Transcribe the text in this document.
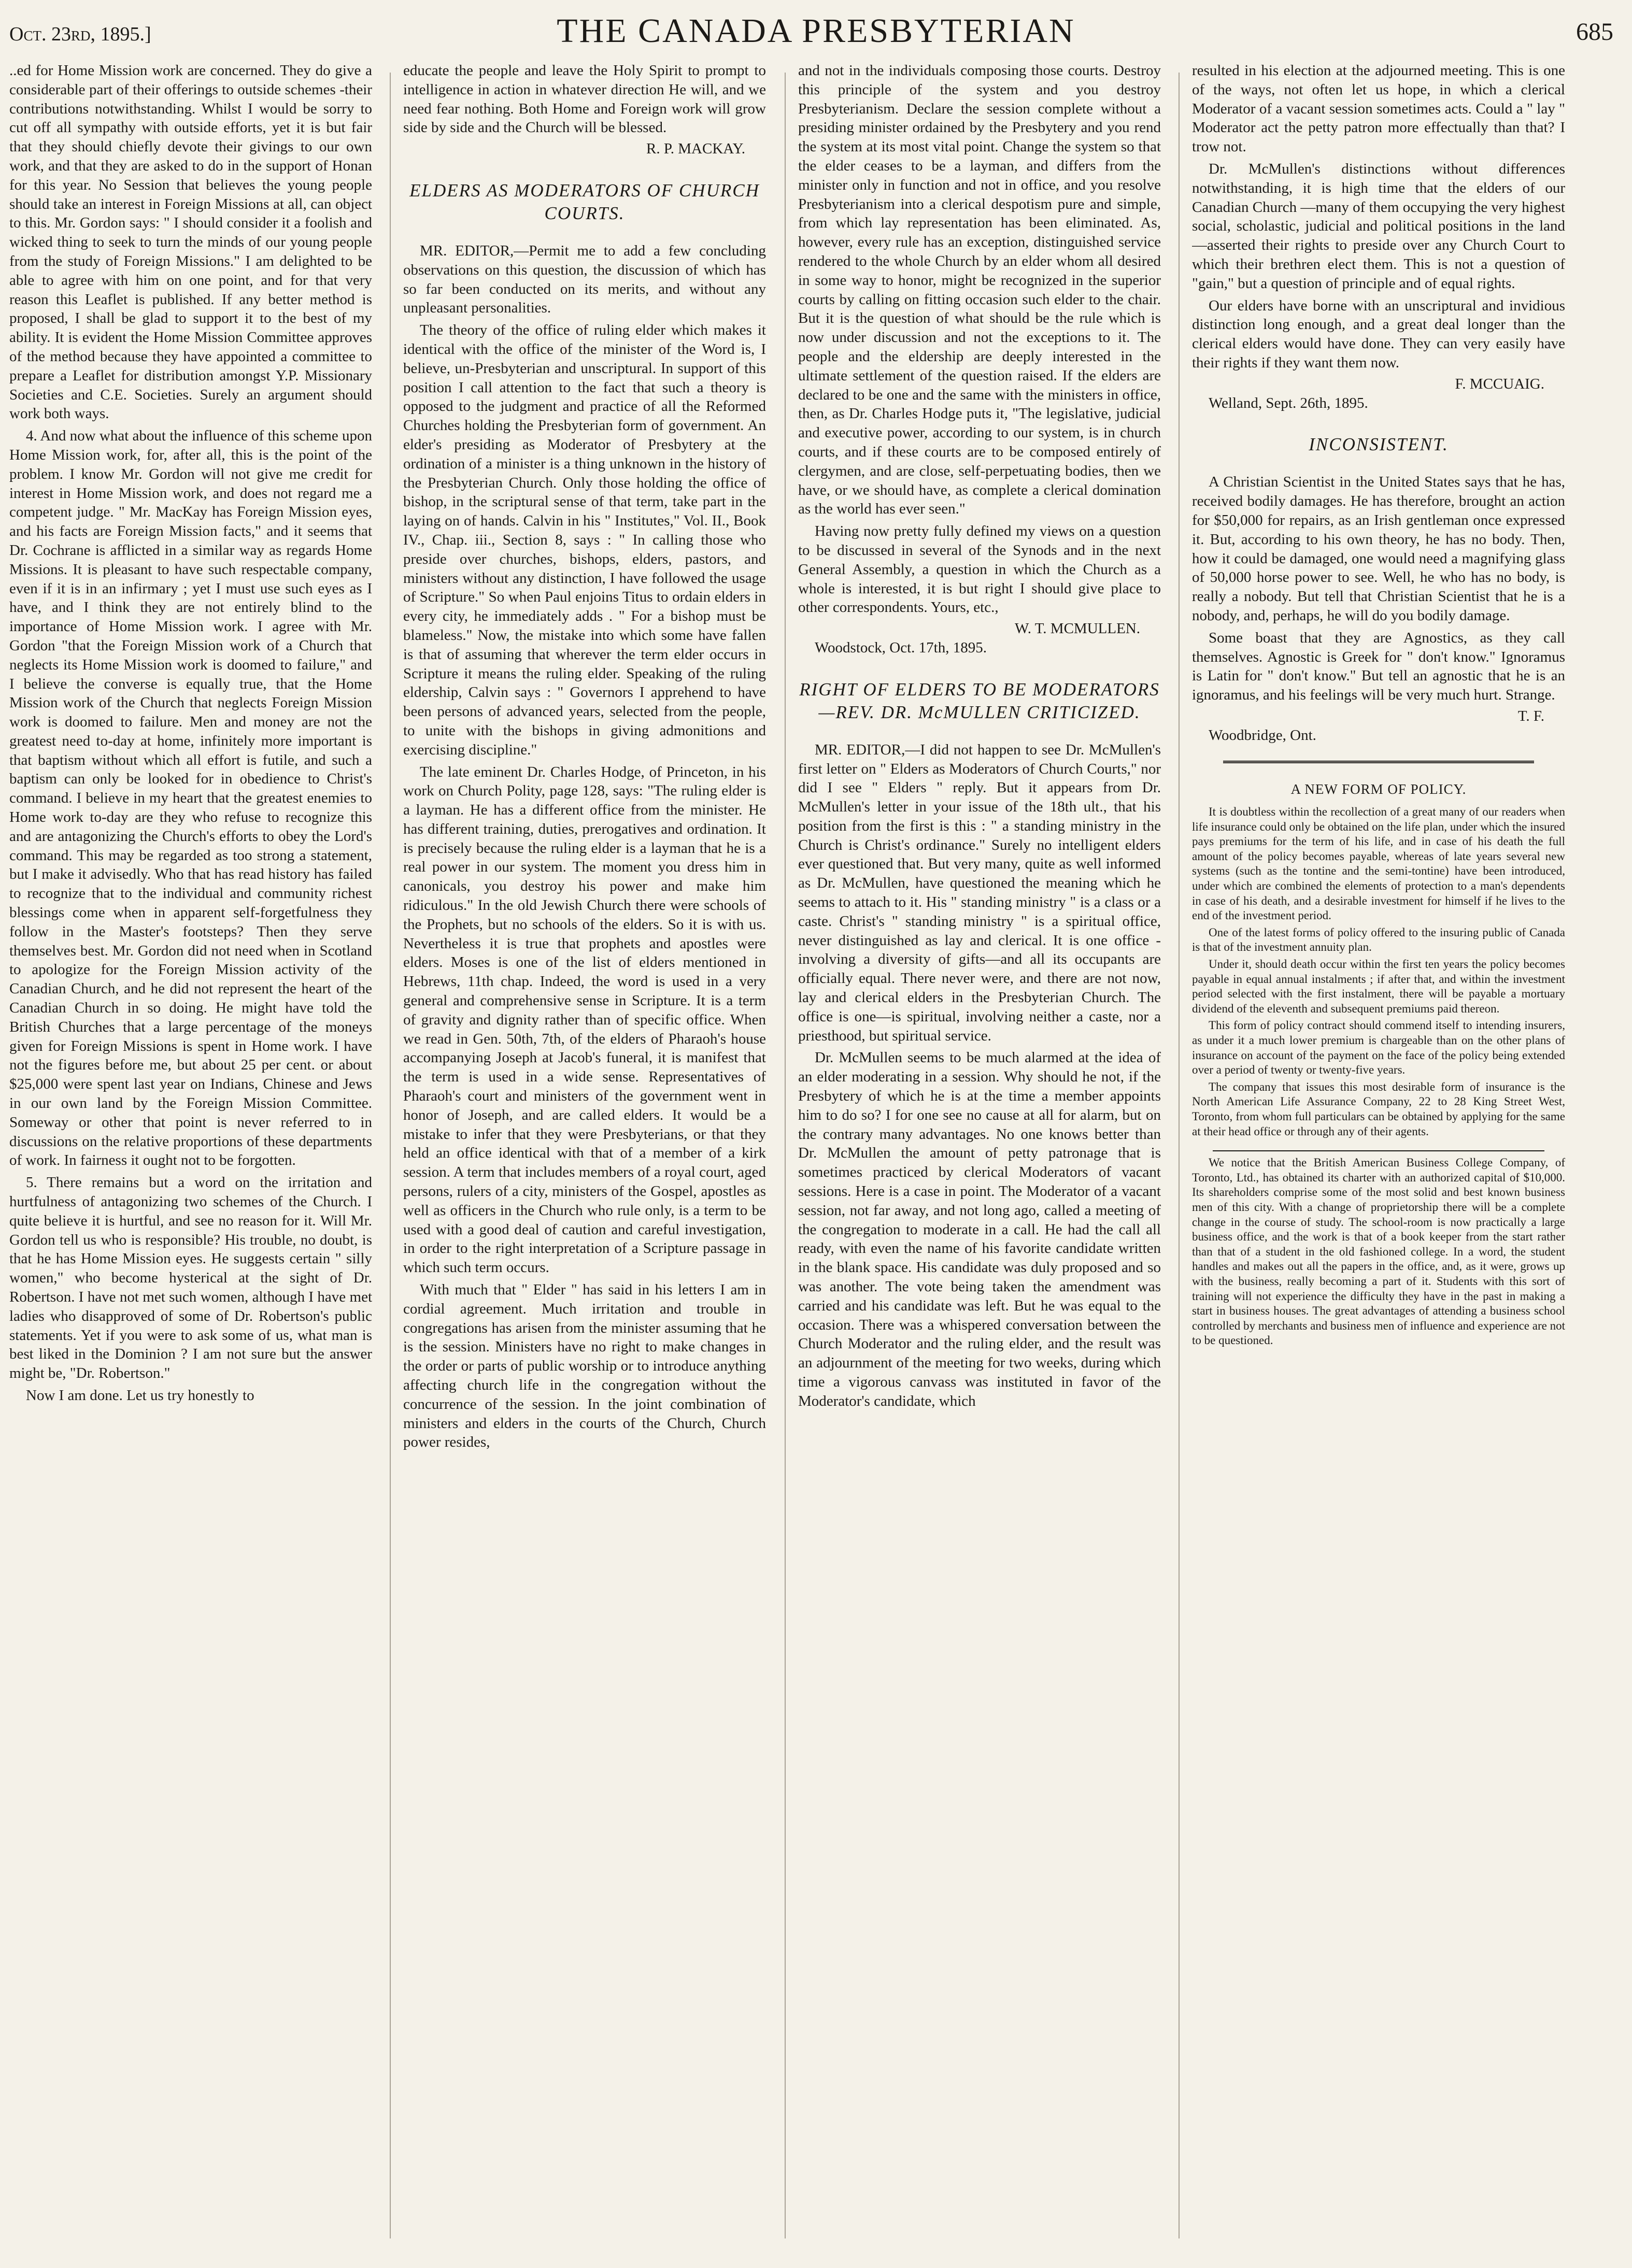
Oct. 23rd, 1895.]	THE CANADA PRESBYTERIAN	685

..ed for Home Mission work are concerned. They do give a considerable part of their offerings to outside schemes -their contributions notwithstanding. Whilst I would be sorry to cut off all sympathy with outside efforts, yet it is but fair that they should chiefly devote their givings to our own work, and that they are asked to do in the support of Honan for this year. No Session that believes the young people should take an interest in Foreign Missions at all, can object to this. Mr. Gordon says: " I should consider it a foolish and wicked thing to seek to turn the minds of our young people from the study of Foreign Missions." I am delighted to be able to agree with him on one point, and for that very reason this Leaflet is published. If any better method is proposed, I shall be glad to support it to the best of my ability. It is evident the Home Mission Committee approves of the method because they have appointed a committee to prepare a Leaflet for distribution amongst Y.P. Missionary Societies and C.E. Societies. Surely an argument should work both ways.

4. And now what about the influence of this scheme upon Home Mission work, for, after all, this is the point of the problem. I know Mr. Gordon will not give me credit for interest in Home Mission work, and does not regard me a competent judge. " Mr. MacKay has Foreign Mission eyes, and his facts are Foreign Mission facts," and it seems that Dr. Cochrane is afflicted in a similar way as regards Home Missions. It is pleasant to have such respectable company, even if it is in an infirmary ; yet I must use such eyes as I have, and I think they are not entirely blind to the importance of Home Mission work. I agree with Mr. Gordon "that the Foreign Mission work of a Church that neglects its Home Mission work is doomed to failure," and I believe the converse is equally true, that the Home Mission work of the Church that neglects Foreign Mission work is doomed to failure. Men and money are not the greatest need to-day at home, infinitely more important is that baptism without which all effort is futile, and such a baptism can only be looked for in obedience to Christ's command. I believe in my heart that the greatest enemies to Home work to-day are they who refuse to recognize this and are antagonizing the Church's efforts to obey the Lord's command. This may be regarded as too strong a statement, but I make it advisedly. Who that has read history has failed to recognize that to the individual and community richest blessings come when in apparent self-forgetfulness they follow in the Master's footsteps? Then they serve themselves best. Mr. Gordon did not need when in Scotland to apologize for the Foreign Mission activity of the Canadian Church, and he did not represent the heart of the Canadian Church in so doing. He might have told the British Churches that a large percentage of the moneys given for Foreign Missions is spent in Home work. I have not the figures before me, but about 25 per cent. or about $25,000 were spent last year on Indians, Chinese and Jews in our own land by the Foreign Mission Committee. Someway or other that point is never referred to in discussions on the relative proportions of these departments of work. In fairness it ought not to be forgotten.

5. There remains but a word on the irritation and hurtfulness of antagonizing two schemes of the Church. I quite believe it is hurtful, and see no reason for it. Will Mr. Gordon tell us who is responsible? His trouble, no doubt, is that he has Home Mission eyes. He suggests certain " silly women," who become hysterical at the sight of Dr. Robertson. I have not met such women, although I have met ladies who disapproved of some of Dr. Robertson's public statements. Yet if you were to ask some of us, what man is best liked in the Dominion ? I am not sure but the answer might be, "Dr. Robertson."

Now I am done. Let us try honestly to

educate the people and leave the Holy Spirit to prompt to intelligence in action in whatever direction He will, and we need fear nothing. Both Home and Foreign work will grow side by side and the Church will be blessed.

R. P. MACKAY.
ELDERS AS MODERATORS OF CHURCH COURTS.

MR. EDITOR,—Permit me to add a few concluding observations on this question, the discussion of which has so far been conducted on its merits, and without any unpleasant personalities.

The theory of the office of ruling elder which makes it identical with the office of the minister of the Word is, I believe, un-Presbyterian and unscriptural. In support of this position I call attention to the fact that such a theory is opposed to the judgment and practice of all the Reformed Churches holding the Presbyterian form of government. An elder's presiding as Moderator of Presbytery at the ordination of a minister is a thing unknown in the history of the Presbyterian Church. Only those holding the office of bishop, in the scriptural sense of that term, take part in the laying on of hands. Calvin in his " Institutes," Vol. II., Book IV., Chap. iii., Section 8, says : " In calling those who preside over churches, bishops, elders, pastors, and ministers without any distinction, I have followed the usage of Scripture." So when Paul enjoins Titus to ordain elders in every city, he immediately adds . " For a bishop must be blameless." Now, the mistake into which some have fallen is that of assuming that wherever the term elder occurs in Scripture it means the ruling elder. Speaking of the ruling eldership, Calvin says : " Governors I apprehend to have been persons of advanced years, selected from the people, to unite with the bishops in giving admonitions and exercising discipline."

The late eminent Dr. Charles Hodge, of Princeton, in his work on Church Polity, page 128, says: "The ruling elder is a layman. He has a different office from the minister. He has different training, duties, prerogatives and ordination. It is precisely because the ruling elder is a layman that he is a real power in our system. The moment you dress him in canonicals, you destroy his power and make him ridiculous." In the old Jewish Church there were schools of the Prophets, but no schools of the elders. So it is with us. Nevertheless it is true that prophets and apostles were elders. Moses is one of the list of elders mentioned in Hebrews, 11th chap. Indeed, the word is used in a very general and comprehensive sense in Scripture. It is a term of gravity and dignity rather than of specific office. When we read in Gen. 50th, 7th, of the elders of Pharaoh's house accompanying Joseph at Jacob's funeral, it is manifest that the term is used in a wide sense. Representatives of Pharaoh's court and ministers of the government went in honor of Joseph, and are called elders. It would be a mistake to infer that they were Presbyterians, or that they held an office identical with that of a member of a kirk session. A term that includes members of a royal court, aged persons, rulers of a city, ministers of the Gospel, apostles as well as officers in the Church who rule only, is a term to be used with a good deal of caution and careful investigation, in order to the right interpretation of a Scripture passage in which such term occurs.

With much that " Elder " has said in his letters I am in cordial agreement. Much irritation and trouble in congregations has arisen from the minister assuming that he is the session. Ministers have no right to make changes in the order or parts of public worship or to introduce anything affecting church life in the congregation without the concurrence of the session. In the joint combination of ministers and elders in the courts of the Church, Church power resides,

and not in the individuals composing those courts. Destroy this principle of the system and you destroy Presbyterianism. Declare the session complete without a presiding minister ordained by the Presbytery and you rend the system at its most vital point. Change the system so that the elder ceases to be a layman, and differs from the minister only in function and not in office, and you resolve Presbyterianism into a clerical despotism pure and simple, from which lay representation has been eliminated. As, however, every rule has an exception, distinguished service rendered to the whole Church by an elder whom all desired in some way to honor, might be recognized in the superior courts by calling on fitting occasion such elder to the chair. But it is the question of what should be the rule which is now under discussion and not the exceptions to it. The people and the eldership are deeply interested in the ultimate settlement of the question raised. If the elders are declared to be one and the same with the ministers in office, then, as Dr. Charles Hodge puts it, "The legislative, judicial and executive power, according to our system, is in church courts, and if these courts are to be composed entirely of clergymen, and are close, self-perpetuating bodies, then we have, or we should have, as complete a clerical domination as the world has ever seen."

Having now pretty fully defined my views on a question to be discussed in several of the Synods and in the next General Assembly, a question in which the Church as a whole is interested, it is but right I should give place to other correspondents. Yours, etc.,

W. T. MCMULLEN.

Woodstock, Oct. 17th, 1895.

RIGHT OF ELDERS TO BE MODERATORS—REV. DR. McMULLEN CRITICIZED.

MR. EDITOR,—I did not happen to see Dr. McMullen's first letter on " Elders as Moderators of Church Courts," nor did I see " Elders " reply. But it appears from Dr. McMullen's letter in your issue of the 18th ult., that his position from the first is this : " a standing ministry in the Church is Christ's ordinance." Surely no intelligent elders ever questioned that. But very many, quite as well informed as Dr. McMullen, have questioned the meaning which he seems to attach to it. His " standing ministry " is a class or a caste. Christ's " standing ministry " is a spiritual office, never distinguished as lay and clerical. It is one office - involving a diversity of gifts—and all its occupants are officially equal. There never were, and there are not now, lay and clerical elders in the Presbyterian Church. The office is one—is spiritual, involving neither a caste, nor a priesthood, but spiritual service.

Dr. McMullen seems to be much alarmed at the idea of an elder moderating in a session. Why should he not, if the Presbytery of which he is at the time a member appoints him to do so? I for one see no cause at all for alarm, but on the contrary many advantages. No one knows better than Dr. McMullen the amount of petty patronage that is sometimes practiced by clerical Moderators of vacant sessions. Here is a case in point. The Moderator of a vacant session, not far away, and not long ago, called a meeting of the congregation to moderate in a call. He had the call all ready, with even the name of his favorite candidate written in the blank space. His candidate was duly proposed and so was another. The vote being taken the amendment was carried and his candidate was left. But he was equal to the occasion. There was a whispered conversation between the Church Moderator and the ruling elder, and the result was an adjournment of the meeting for two weeks, during which time a vigorous canvass was instituted in favor of the Moderator's candidate, which

resulted in his election at the adjourned meeting. This is one of the ways, not often let us hope, in which a clerical Moderator of a vacant session sometimes acts. Could a " lay " Moderator act the petty patron more effectually than that? I trow not.

Dr. McMullen's distinctions without differences notwithstanding, it is high time that the elders of our Canadian Church —many of them occupying the very highest social, scholastic, judicial and political positions in the land—asserted their rights to preside over any Church Court to which their brethren elect them. This is not a question of "gain," but a question of principle and of equal rights.

Our elders have borne with an unscriptural and invidious distinction long enough, and a great deal longer than the clerical elders would have done. They can very easily have their rights if they want them now.

F. MCCUAIG.

Welland, Sept. 26th, 1895.

INCONSISTENT.

A Christian Scientist in the United States says that he has, received bodily damages. He has therefore, brought an action for $50,000 for repairs, as an Irish gentleman once expressed it. But, according to his own theory, he has no body. Then, how it could be damaged, one would need a magnifying glass of 50,000 horse power to see. Well, he who has no body, is really a nobody. But tell that Christian Scientist that he is a nobody, and, perhaps, he will do you bodily damage.

Some boast that they are Agnostics, as they call themselves. Agnostic is Greek for " don't know." Ignoramus is Latin for " don't know." But tell an agnostic that he is an ignoramus, and his feelings will be very much hurt. Strange.

T. F.

Woodbridge, Ont.

A NEW FORM OF POLICY.

It is doubtless within the recollection of a great many of our readers when life insurance could only be obtained on the life plan, under which the insured pays premiums for the term of his life, and in case of his death the full amount of the policy becomes payable, whereas of late years several new systems (such as the tontine and the semi-tontine) have been introduced, under which are combined the elements of protection to a man's dependents in case of his death, and a desirable investment for himself if he lives to the end of the investment period.

One of the latest forms of policy offered to the insuring public of Canada is that of the investment annuity plan.

Under it, should death occur within the first ten years the policy becomes payable in equal annual instalments ; if after that, and within the investment period selected with the first instalment, there will be payable a mortuary dividend of the eleventh and subsequent premiums paid thereon.

This form of policy contract should commend itself to intending insurers, as under it a much lower premium is chargeable than on the other plans of insurance on account of the payment on the face of the policy being extended over a period of twenty or twenty-five years.

The company that issues this most desirable form of insurance is the North American Life Assurance Company, 22 to 28 King Street West, Toronto, from whom full particulars can be obtained by applying for the same at their head office or through any of their agents.

We notice that the British American Business College Company, of Toronto, Ltd., has obtained its charter with an authorized capital of $10,000. Its shareholders comprise some of the most solid and best known business men of this city. With a change of proprietorship there will be a complete change in the course of study. The school-room is now practically a large business office, and the work is that of a book keeper from the start rather than that of a student in the old fashioned college. In a word, the student handles and makes out all the papers in the office, and, as it were, grows up with the business, really becoming a part of it. Students with this sort of training will not experience the difficulty they have in the past in making a start in business houses. The great advantages of attending a business school controlled by merchants and business men of influence and experience are not to be questioned.
